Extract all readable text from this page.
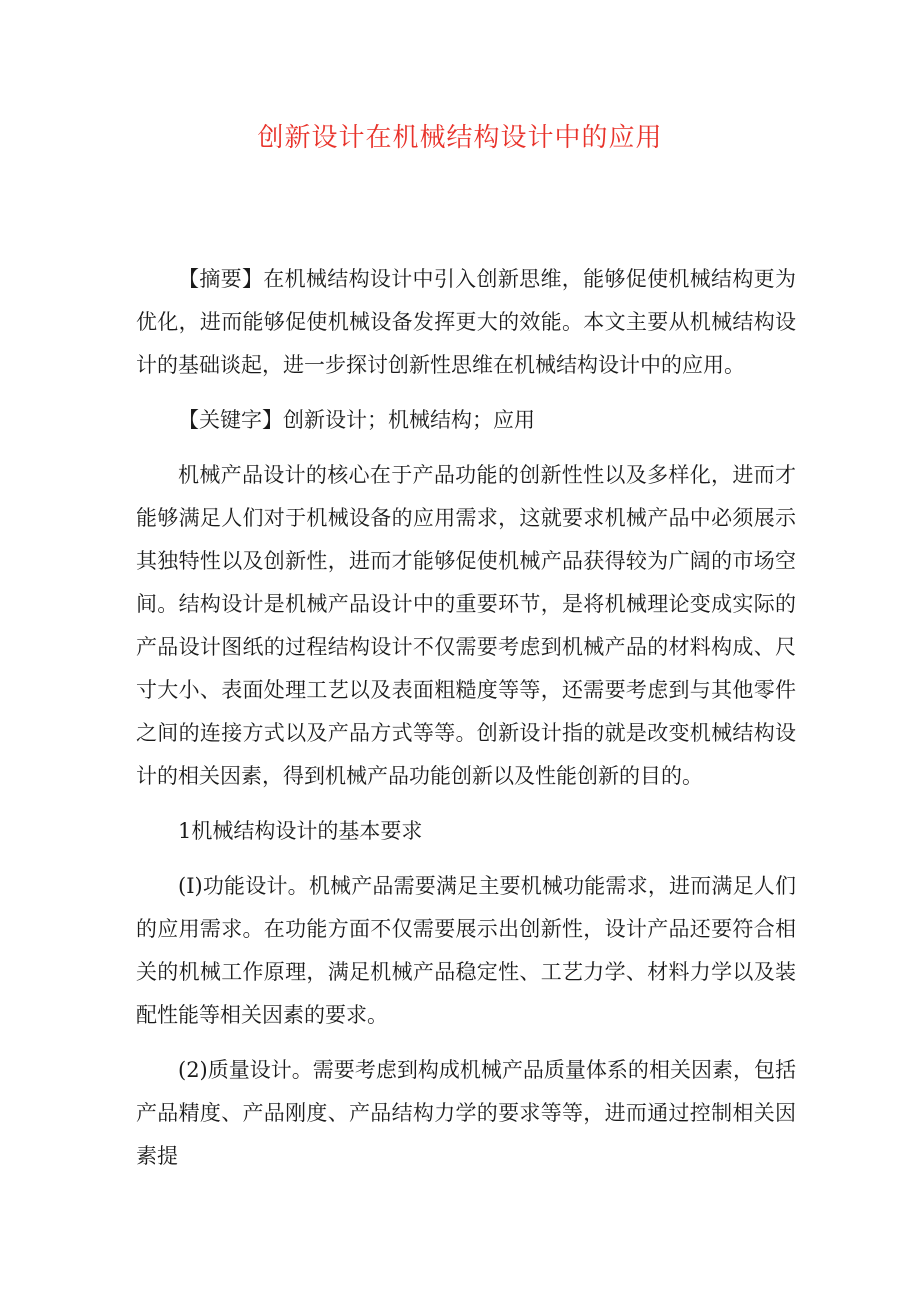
创新设计在机械结构设计中的应用

【摘要】在机械结构设计中引入创新思维，能够促使机械结构更为优化，进而能够促使机械设备发挥更大的效能。本文主要从机械结构设计的基础谈起，进一步探讨创新性思维在机械结构设计中的应用。

【关键字】创新设计；机械结构；应用

机械产品设计的核心在于产品功能的创新性性以及多样化，进而才能够满足人们对于机械设备的应用需求，这就要求机械产品中必须展示其独特性以及创新性，进而才能够促使机械产品获得较为广阔的市场空间。结构设计是机械产品设计中的重要环节，是将机械理论变成实际的产品设计图纸的过程结构设计不仅需要考虑到机械产品的材料构成、尺寸大小、表面处理工艺以及表面粗糙度等等，还需要考虑到与其他零件之间的连接方式以及产品方式等等。创新设计指的就是改变机械结构设计的相关因素，得到机械产品功能创新以及性能创新的目的。

1机械结构设计的基本要求

(I)功能设计。机械产品需要满足主要机械功能需求，进而满足人们的应用需求。在功能方面不仅需要展示出创新性，设计产品还要符合相关的机械工作原理，满足机械产品稳定性、工艺力学、材料力学以及装配性能等相关因素的要求。

(2)质量设计。需要考虑到构成机械产品质量体系的相关因素，包括产品精度、产品刚度、产品结构力学的要求等等，进而通过控制相关因素提
